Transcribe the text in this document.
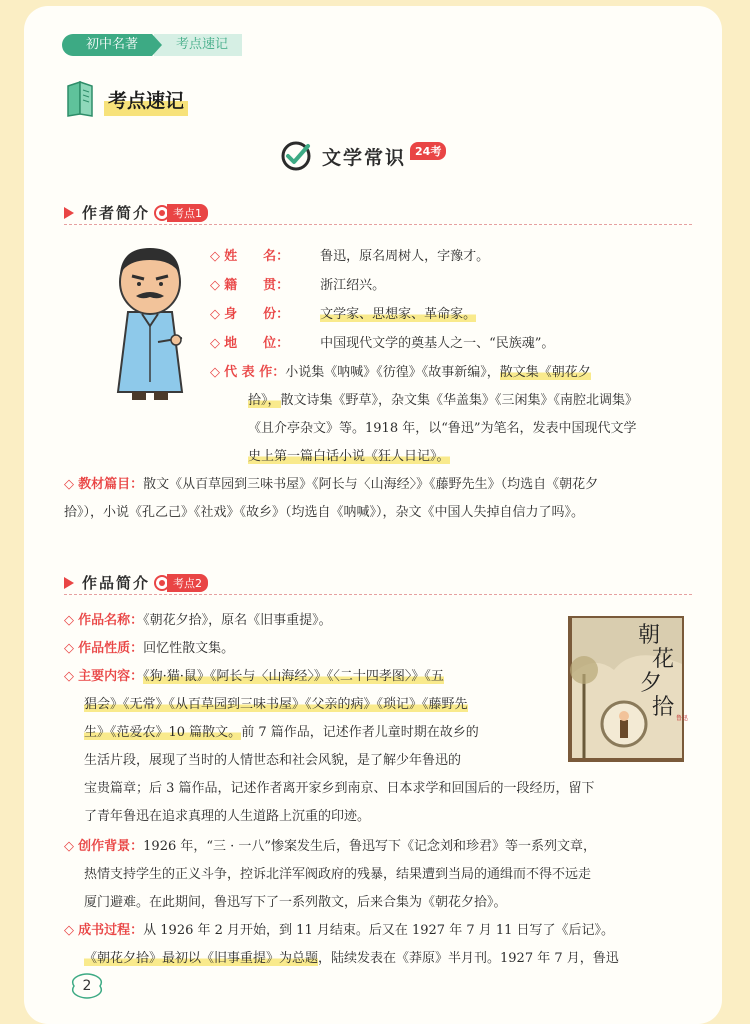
初中名著	考点速记
考点速记
文学常识 24考
作者简介	考点1
◇ 姓　　名： 鲁迅，原名周树人，字豫才。
◇ 籍　　贯： 浙江绍兴。
◇ 身　　份： 文学家、思想家、革命家。
◇ 地　　位： 中国现代文学的奠基人之一、“民族魂”。
◇ 代 表 作：小说集《呐喊》《彷徨》《故事新编》，散文集《朝花夕
拾》，散文诗集《野草》，杂文集《华盖集》《三闲集》《南腔北调集》
《且介亭杂文》等。1918 年，以“鲁迅”为笔名，发表中国现代文学
史上第一篇白话小说《狂人日记》。
◇ 教材篇目：散文《从百草园到三味书屋》《阿长与〈山海经〉》《藤野先生》（均选自《朝花夕
拾》），小说《孔乙己》《社戏》《故乡》（均选自《呐喊》），杂文《中国人失掉自信力了吗》。
作品简介	考点2
◇ 作品名称：《朝花夕拾》，原名《旧事重提》。
◇ 作品性质：回忆性散文集。
◇ 主要内容：《狗·猫·鼠》《阿长与〈山海经〉》《〈二十四孝图〉》《五
猖会》《无常》《从百草园到三味书屋》《父亲的病》《琐记》《藤野先
生》《范爱农》10 篇散文。前 7 篇作品，记述作者儿童时期在故乡的
生活片段，展现了当时的人情世态和社会风貌，是了解少年鲁迅的
宝贵篇章；后 3 篇作品，记述作者离开家乡到南京、日本求学和回国后的一段经历，留下
了青年鲁迅在追求真理的人生道路上沉重的印迹。
◇ 创作背景：1926 年，“三 · 一八”惨案发生后，鲁迅写下《记念刘和珍君》等一系列文章，
热情支持学生的正义斗争，控诉北洋军阀政府的残暴，结果遭到当局的通缉而不得不远走
厦门避难。在此期间，鲁迅写下了一系列散文，后来合集为《朝花夕拾》。
◇ 成书过程：从 1926 年 2 月开始，到 11 月结束。后又在 1927 年 7 月 11 日写了《后记》。
《朝花夕拾》最初以《旧事重提》为总题，陆续发表在《莽原》半月刊。1927 年 7 月，鲁迅
朝
花
夕
拾 鲁迅
2
